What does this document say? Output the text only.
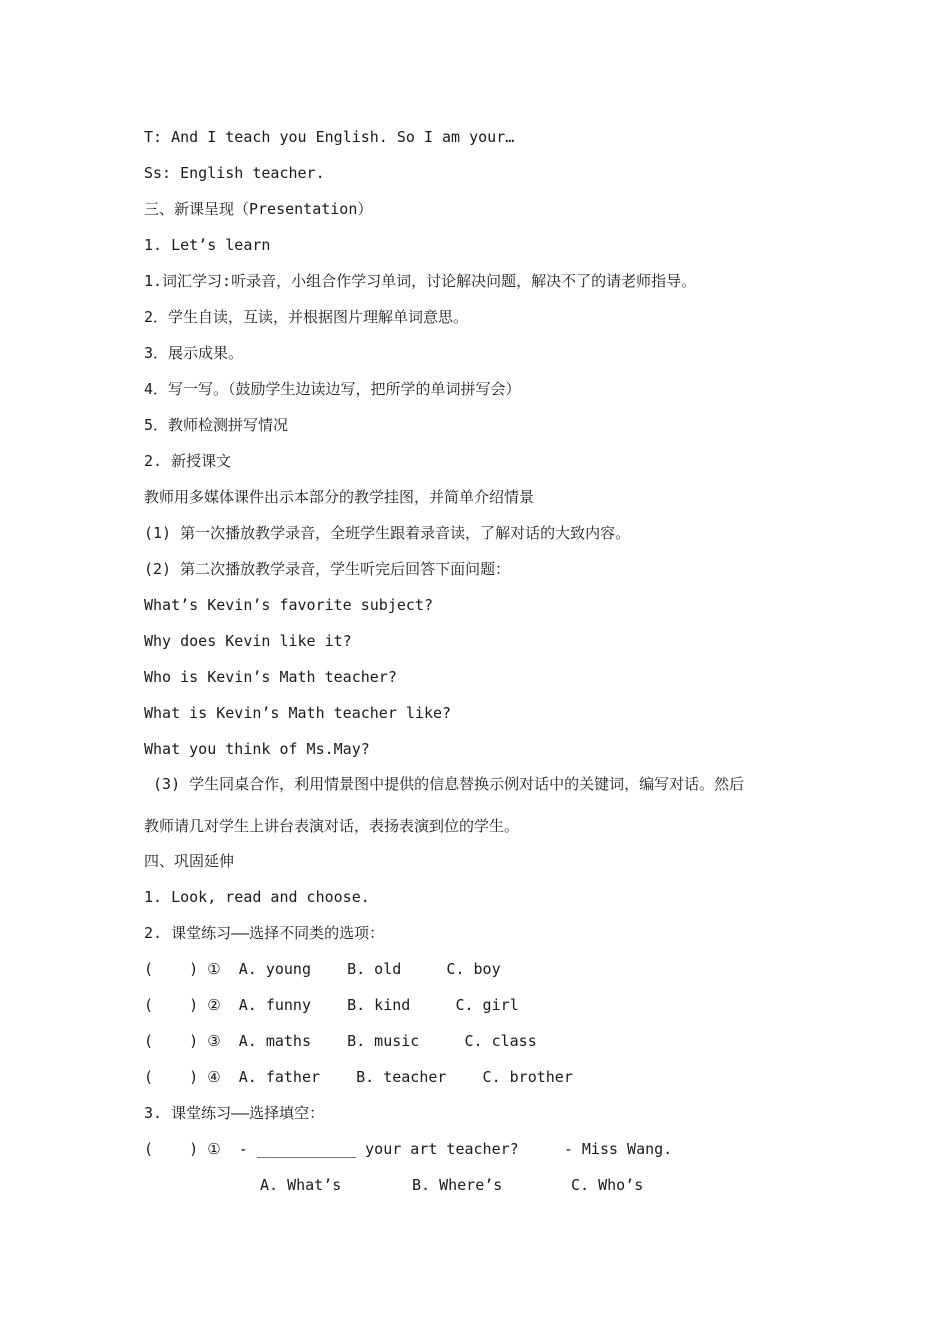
T: And I teach you English. So I am your…
Ss: English teacher.
三、新课呈现（Presentation）
1. Let’s learn
1.词汇学习:听录音，小组合作学习单词，讨论解决问题，解决不了的请老师指导。
2．学生自读，互读，并根据图片理解单词意思。
3．展示成果。
4．写一写。（鼓励学生边读边写，把所学的单词拼写会）
5．教师检测拼写情况
2. 新授课文
教师用多媒体课件出示本部分的教学挂图，并简单介绍情景
(1) 第一次播放教学录音，全班学生跟着录音读，了解对话的大致内容。
(2) 第二次播放教学录音，学生听完后回答下面问题：
What’s Kevin’s favorite subject?
Why does Kevin like it?
Who is Kevin’s Math teacher?
What is Kevin’s Math teacher like?
What you think of Ms.May?
(3) 学生同桌合作，利用情景图中提供的信息替换示例对话中的关键词，编写对话。然后
教师请几对学生上讲台表演对话，表扬表演到位的学生。
四、巩固延伸
1. Look, read and choose.
2. 课堂练习——选择不同类的选项：
(    ) ①  A. young    B. old     C. boy
(    ) ②  A. funny    B. kind     C. girl
(    ) ③  A. maths    B. music     C. class
(    ) ④  A. father    B. teacher    C. brother
3. 课堂练习——选择填空：
(    ) ①  - ___________ your art teacher?     - Miss Wang.
A. What’s	B. Where’s	C. Who’s
